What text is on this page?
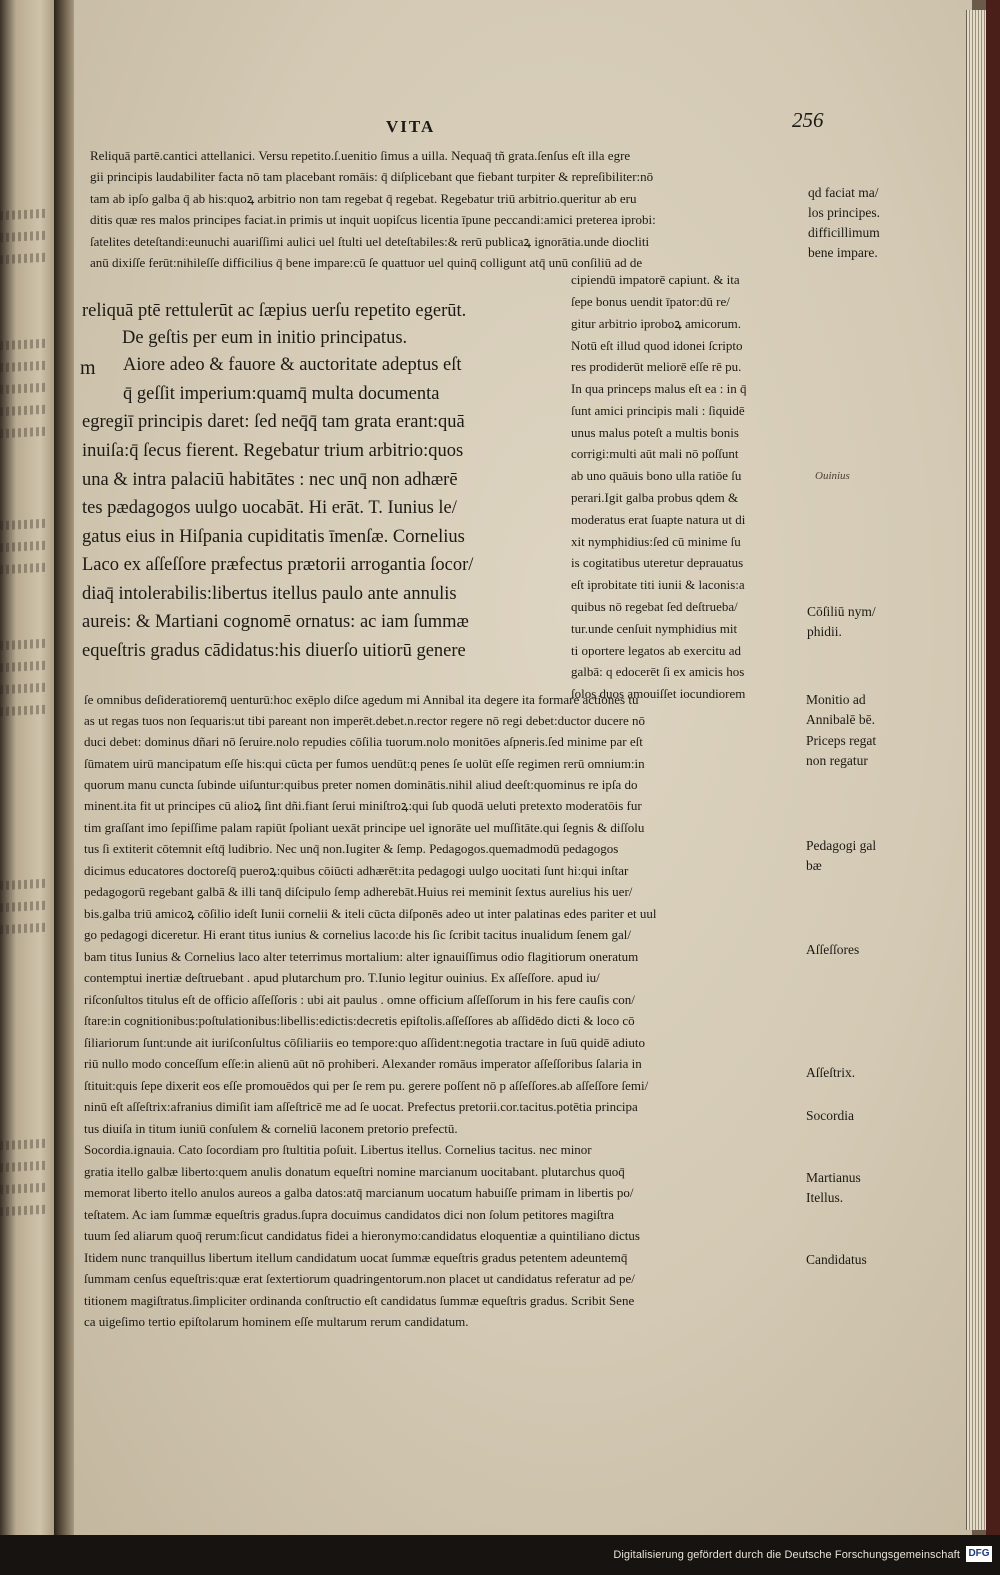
VITA	256
Reliquā partē.cantici attellanici. Versu repetito.ſ.uenitio ſimus a uilla. Nequaq̄ tñ grata.ſenſus eſt illa egre
gii principis laudabiliter facta nō tam placebant romāis: q̄ diſplicebant que fiebant turpiter & repreſibiliter:nō
tam ab ipſo galba q̄ ab his:quoꝝ arbitrio non tam regebat q̄ regebat. Regebatur triū arbitrio.queritur ab eru
ditis quæ res malos principes faciat.in primis ut inquit uopiſcus licentia īpune peccandi:amici preterea iprobi:
ſatelites deteſtandi:eunuchi auariſſimi aulici uel ſtulti uel deteſtabiles:& rerū publicaꝝ ignorātia.unde diocliti
anū dixiſſe ferūt:nihileſſe difficilius q̄ bene impare:cū ſe quattuor uel quinq̄ colligunt atq̄ unū conſiliū ad de
reliquā ptē rettulerūt ac ſæpius uerſu repetito egerūt.
De geſtis per eum in initio principatus.
m Aiore adeo & fauore & auctoritate adeptus eſt
q̄ geſſit imperium:quamq̄ multa documenta
egregiī principis daret: ſed neq̄q̄ tam grata erant:quā
inuiſa:q̄ ſecus fierent. Regebatur trium arbitrio:quos
una & intra palaciū habitātes : nec unq̄ non adhærē
tes pædagogos uulgo uocabāt. Hi erāt. T. Iunius le/
gatus eius in Hiſpania cupiditatis īmenſæ. Cornelius
Laco ex aſſeſſore præfectus prætorii arrogantia ſocor/
diaq̄ intolerabilis:libertus itellus paulo ante annulis
aureis: & Martiani cognomē ornatus: ac iam ſummæ
equeſtris gradus cādidatus:his diuerſo uitiorū genere
cipiendū impatorē capiunt. & ita
ſepe bonus uendit īpator:dū re/
gitur arbitrio iproboꝝ amicorum.
Notū eſt illud quod idonei ſcripto
res prodiderūt meliorē eſſe rē pu.
In qua princeps malus eſt ea : in q̄
ſunt amici principis mali : ſiquidē
unus malus poteſt a multis bonis
corrigi:multi aūt mali nō poſſunt
ab uno quāuis bono ulla ratiōe ſu
perari.Igit galba probus qdem &
moderatus erat ſuapte natura ut di
xit nymphidius:ſed cū minime ſu
is cogitatibus uteretur deprauatus
eſt iprobitate titi iunii & laconis:a
quibus nō regebat ſed deſtrueba/
tur.unde cenſuit nymphidius mit
ti oportere legatos ab exercitu ad
galbā: q edocerēt ſi ex amicis hos
ſolos duos amouiſſet iocundiorem
ſe omnibus deſideratioremq̄ uenturū:hoc exēplo diſce agedum mi Annibal ita degere ita formare actiones tu
as ut regas tuos non ſequaris:ut tibi pareant non imperēt.debet.n.rector regere nō regi debet:ductor ducere nō
duci debet: dominus dñari nō ſeruire.nolo repudies cōſilia tuorum.nolo monitōes aſpneris.ſed minime par eſt
ſūmatem uirū mancipatum eſſe his:qui cūcta per fumos uendūt:q penes ſe uolūt eſſe regimen rerū omnium:in
quorum manu cuncta ſubinde uiſuntur:quibus preter nomen dominātis.nihil aliud deeſt:quominus re ipſa do
minent.ita fit ut principes cū alioꝝ ſint dñi.fiant ſerui miniſtroꝝ:qui ſub quodā ueluti pretexto moderatōis fur
tim graſſant imo ſepiſſime palam rapiūt ſpoliant uexāt principe uel ignorāte uel muſſitāte.qui ſegnis & diſſolu
tus ſi extiterit cōtemnit eſtq̄ ludibrio. Nec unq̄ non.Iugiter & ſemp. Pedagogos.quemadmodū pedagogos
dicimus educatores doctoreſq̄ pueroꝝ:quibus cōiūcti adhærēt:ita pedagogi uulgo uocitati ſunt hi:qui inſtar
pedagogorū regebant galbā & illi tanq̄ diſcipulo ſemp adherebāt.Huius rei meminit ſextus aurelius his uer/
bis.galba triū amicoꝝ cōſilio ideſt Iunii cornelii & iteli cūcta diſponēs adeo ut inter palatinas edes pariter et uul
go pedagogi diceretur. Hi erant titus iunius & cornelius laco:de his ſic ſcribit tacitus inualidum ſenem gal/
bam titus Iunius & Cornelius laco alter teterrimus mortalium: alter ignauiſſimus odio flagitiorum oneratum
contemptui inertiæ deſtruebant . apud plutarchum pro. T.Iunio legitur ouinius. Ex aſſeſſore. apud iu/
riſconſultos titulus eſt de officio aſſeſſoris : ubi ait paulus . omne officium aſſeſſorum in his fere cauſis con/
ſtare:in cognitionibus:poſtulationibus:libellis:edictis:decretis epiſtolis.aſſeſſores ab aſſidēdo dicti & loco cō
ſiliariorum ſunt:unde ait iuriſconſultus cōſiliariis eo tempore:quo aſſident:negotia tractare in ſuū quidē adiuto
riū nullo modo conceſſum eſſe:in alienū aūt nō prohiberi. Alexander romāus imperator aſſeſſoribus ſalaria in
ſtituit:quis ſepe dixerit eos eſſe promouēdos qui per ſe rem pu. gerere poſſent nō p aſſeſſores.ab aſſeſſore ſemi/
ninū eſt aſſeſtrix:afranius dimiſit iam aſſeſtricē me ad ſe uocat. Prefectus pretorii.cor.tacitus.potētia principa
tus diuiſa in titum iuniū conſulem & corneliū laconem pretorio prefectū.
Socordia.ignauia. Cato ſocordiam pro ſtultitia poſuit. Libertus itellus. Cornelius tacitus. nec minor
gratia itello galbæ liberto:quem anulis donatum equeſtri nomine marcianum uocitabant. plutarchus quoq̄
memorat liberto itello anulos aureos a galba datos:atq̄ marcianum uocatum habuiſſe primam in libertis po/
teſtatem. Ac iam ſummæ equeſtris gradus.ſupra docuimus candidatos dici non ſolum petitores magiſtra
tuum ſed aliarum quoq̄ rerum:ſicut candidatus fidei a hieronymo:candidatus eloquentiæ a quintiliano dictus
Itidem nunc tranquillus libertum itellum candidatum uocat ſummæ equeſtris gradus petentem adeuntemq̄
ſummam cenſus equeſtris:quæ erat ſextertiorum quadringentorum.non placet ut candidatus referatur ad pe/
titionem magiſtratus.ſimpliciter ordinanda conſtructio eſt candidatus ſummæ equeſtris gradus. Scribit Sene
ca uigeſimo tertio epiſtolarum hominem eſſe multarum rerum candidatum.
qd faciat ma/
los principes.
difficillimum
bene impare.
Ouinius
Cōſiliū nym/
phidii.
Monitio ad
Annibalē bē.
Priceps regat
non regatur
Pedagogi gal
bæ
Aſſeſſores
Aſſeſtrix.
Socordia
Martianus
Itellus.
Candidatus
Digitalisierung gefördert durch die Deutsche Forschungsgemeinschaft DFG
